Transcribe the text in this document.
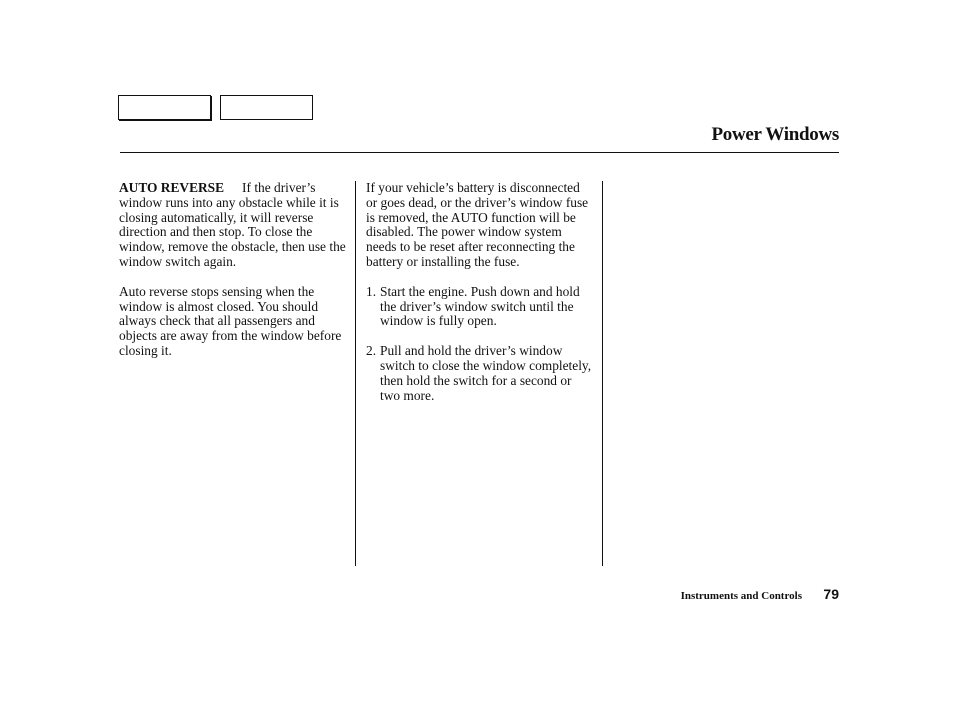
Power Windows

AUTO REVERSE If the driver’s window runs into any obstacle while it is closing automatically, it will reverse direction and then stop. To close the window, remove the obstacle, then use the window switch again.

Auto reverse stops sensing when the window is almost closed. You should always check that all passengers and objects are away from the window before closing it.

If your vehicle’s battery is disconnected or goes dead, or the driver’s window fuse is removed, the AUTO function will be disabled. The power window system needs to be reset after reconnecting the battery or installing the fuse.

1. Start the engine. Push down and hold the driver’s window switch until the window is fully open.
2. Pull and hold the driver’s window switch to close the window completely, then hold the switch for a second or two more.
Instruments and Controls 79
